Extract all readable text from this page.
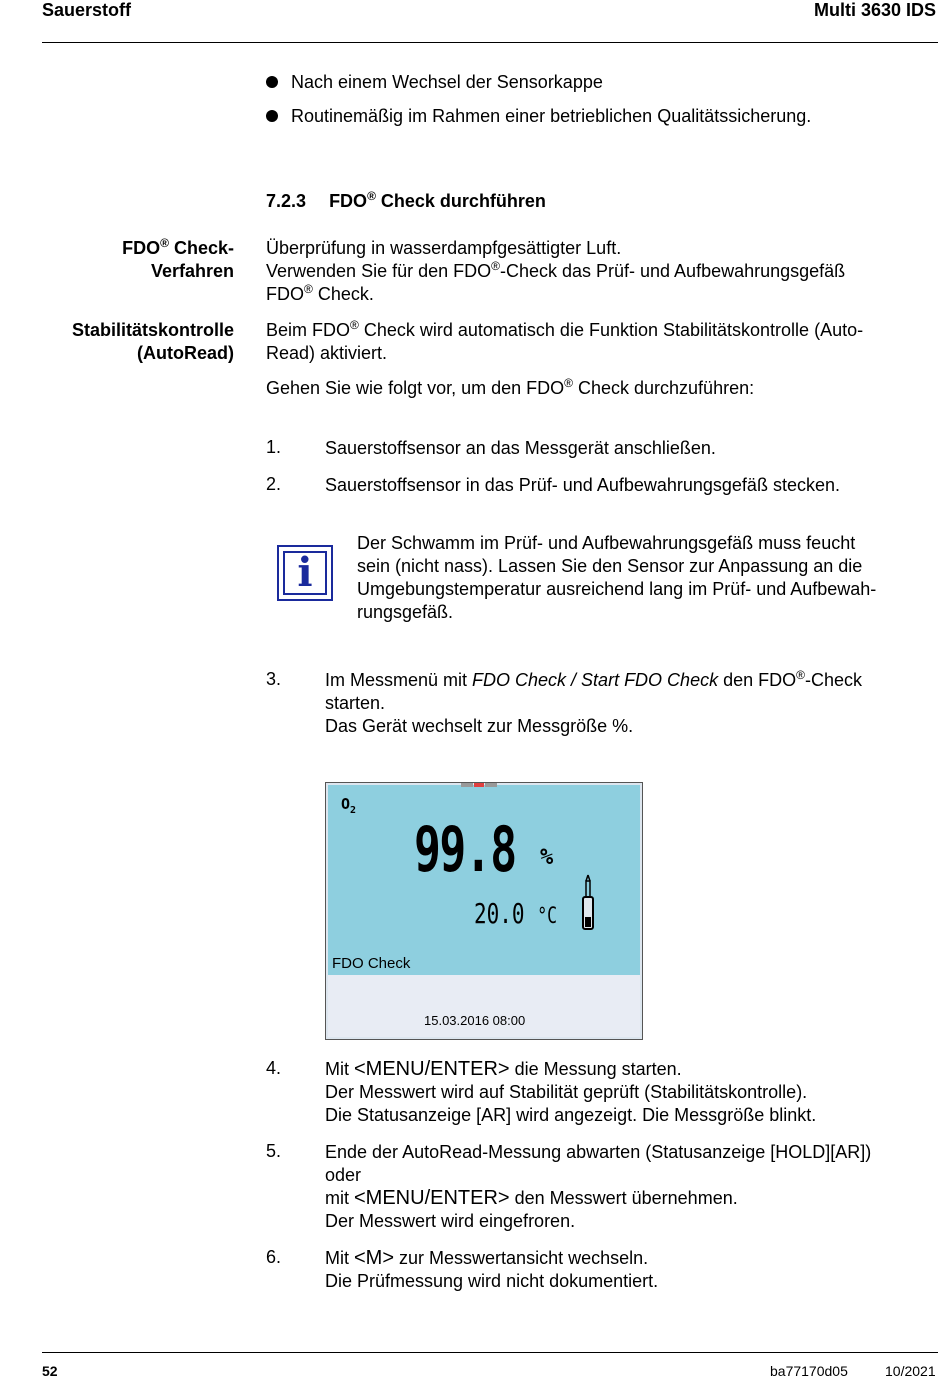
Sauerstoff	Multi 3630 IDS
Nach einem Wechsel der Sensorkappe
Routinemäßig im Rahmen einer betrieblichen Qualitätssicherung.
7.2.3 FDO® Check durchführen
FDO® Check-
Verfahren
Stabilitätskontrolle
(AutoRead)
Überprüfung in wasserdampfgesättigter Luft.
Verwenden Sie für den FDO®-Check das Prüf- und Aufbewahrungsgefäß
FDO® Check.
Beim FDO® Check wird automatisch die Funktion Stabilitätskontrolle (Auto-
Read) aktiviert.
Gehen Sie wie folgt vor, um den FDO® Check durchzuführen:
1. Sauerstoffsensor an das Messgerät anschließen.
2. Sauerstoffsensor in das Prüf- und Aufbewahrungsgefäß stecken.
i
Der Schwamm im Prüf- und Aufbewahrungsgefäß muss feucht
sein (nicht nass). Lassen Sie den Sensor zur Anpassung an die
Umgebungstemperatur ausreichend lang im Prüf- und Aufbewah-
rungsgefäß.
3. Im Messmenü mit FDO Check / Start FDO Check den FDO®-Check
starten.
Das Gerät wechselt zur Messgröße %.
$O_2$
99.8 %
20.0 °C
FDO Check
15.03.2016 08:00
4. Mit <MENU/ENTER> die Messung starten.
Der Messwert wird auf Stabilität geprüft (Stabilitätskontrolle).
Die Statusanzeige [AR] wird angezeigt. Die Messgröße blinkt.
5. Ende der AutoRead-Messung abwarten (Statusanzeige [HOLD][AR])
oder
mit <MENU/ENTER> den Messwert übernehmen.
Der Messwert wird eingefroren.
6. Mit <M> zur Messwertansicht wechseln.
Die Prüfmessung wird nicht dokumentiert.
52	ba77170d05	10/2021
